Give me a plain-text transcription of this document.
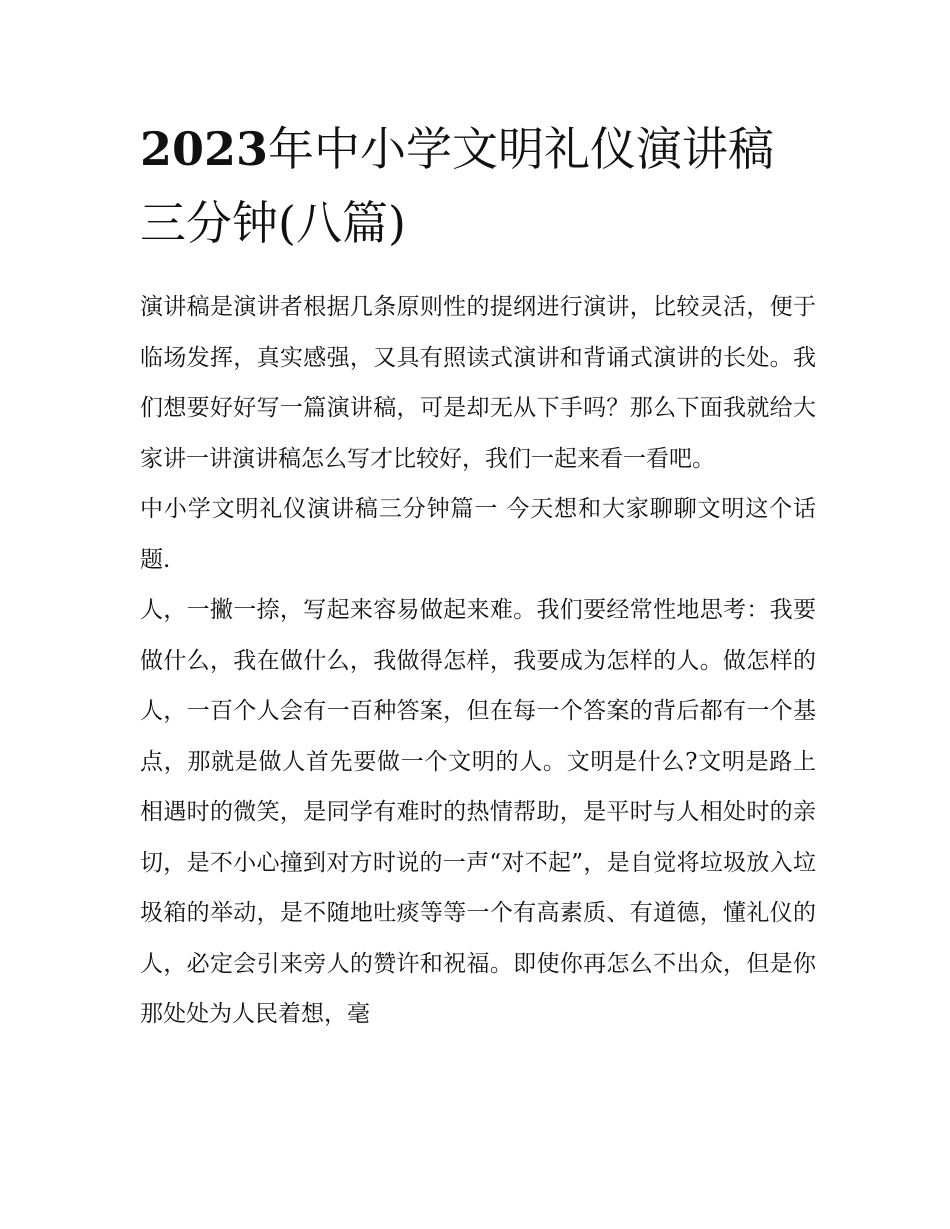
2023年中小学文明礼仪演讲稿三分钟(八篇)

演讲稿是演讲者根据几条原则性的提纲进行演讲，比较灵活，便于临场发挥，真实感强，又具有照读式演讲和背诵式演讲的长处。我们想要好好写一篇演讲稿，可是却无从下手吗？那么下面我就给大家讲一讲演讲稿怎么写才比较好，我们一起来看一看吧。

中小学文明礼仪演讲稿三分钟篇一 今天想和大家聊聊文明这个话题.

人，一撇一捺，写起来容易做起来难。我们要经常性地思考：我要做什么，我在做什么，我做得怎样，我要成为怎样的人。做怎样的人，一百个人会有一百种答案，但在每一个答案的背后都有一个基点，那就是做人首先要做一个文明的人。文明是什么?文明是路上相遇时的微笑，是同学有难时的热情帮助，是平时与人相处时的亲切，是不小心撞到对方时说的一声“对不起”，是自觉将垃圾放入垃圾箱的举动，是不随地吐痰等等一个有高素质、有道德，懂礼仪的人，必定会引来旁人的赞许和祝福。即使你再怎么不出众，但是你那处处为人民着想，毫
